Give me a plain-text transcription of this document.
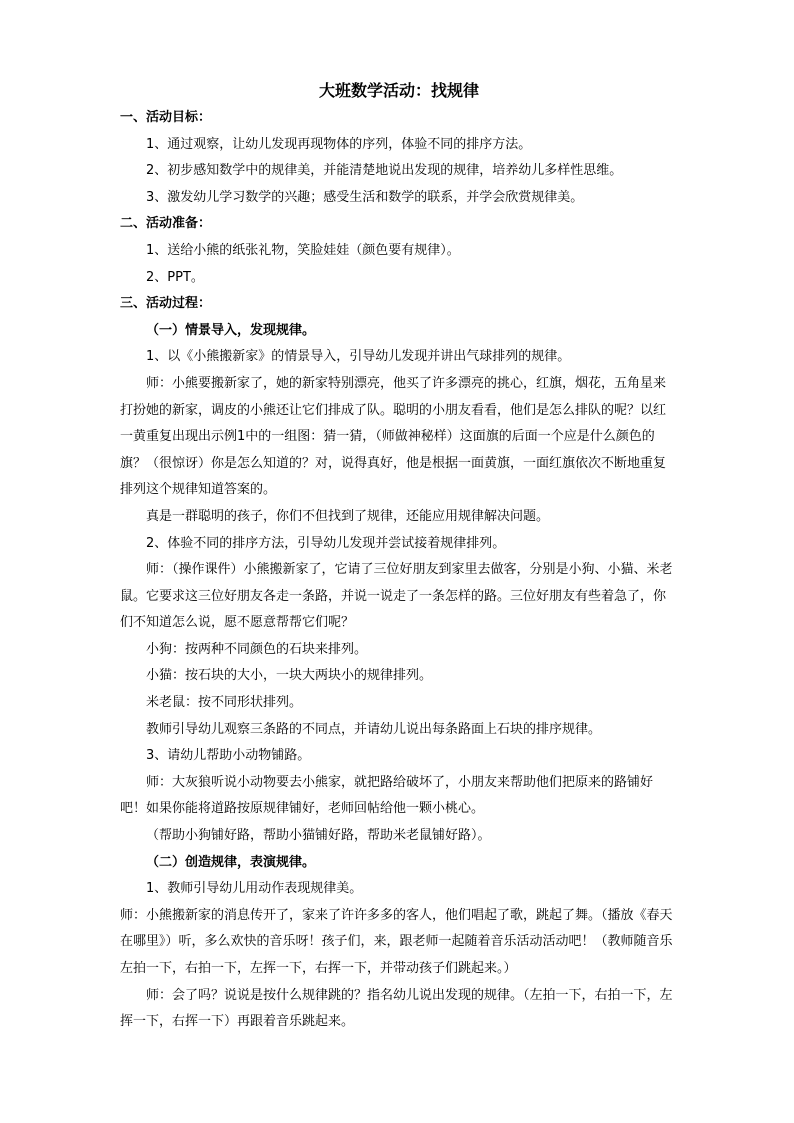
大班数学活动：找规律

一、活动目标：

1、通过观察，让幼儿发现再现物体的序列，体验不同的排序方法。

2、初步感知数学中的规律美，并能清楚地说出发现的规律，培养幼儿多样性思维。

3、激发幼儿学习数学的兴趣；感受生活和数学的联系，并学会欣赏规律美。

二、活动准备：

1、送给小熊的纸张礼物，笑脸娃娃（颜色要有规律）。

2、PPT。

三、活动过程：

（一）情景导入，发现规律。

1、以《小熊搬新家》的情景导入，引导幼儿发现并讲出气球排列的规律。

师：小熊要搬新家了，她的新家特别漂亮，他买了许多漂亮的挑心，红旗，烟花，五角星来打扮她的新家，调皮的小熊还让它们排成了队。聪明的小朋友看看，他们是怎么排队的呢？以红一黄重复出现出示例1中的一组图：猜一猜，（师做神秘样）这面旗的后面一个应是什么颜色的旗？（很惊讶）你是怎么知道的？对，说得真好，他是根据一面黄旗，一面红旗依次不断地重复排列这个规律知道答案的。

真是一群聪明的孩子，你们不但找到了规律，还能应用规律解决问题。

2、体验不同的排序方法，引导幼儿发现并尝试接着规律排列。

师：（操作课件）小熊搬新家了，它请了三位好朋友到家里去做客，分别是小狗、小猫、米老鼠。它要求这三位好朋友各走一条路，并说一说走了一条怎样的路。三位好朋友有些着急了，你们不知道怎么说，愿不愿意帮帮它们呢？

小狗：按两种不同颜色的石块来排列。

小猫：按石块的大小，一块大两块小的规律排列。

米老鼠：按不同形状排列。

教师引导幼儿观察三条路的不同点，并请幼儿说出每条路面上石块的排序规律。

3、请幼儿帮助小动物铺路。

师：大灰狼听说小动物要去小熊家，就把路给破坏了，小朋友来帮助他们把原来的路铺好吧！如果你能将道路按原规律铺好，老师回帖给他一颗小桃心。

（帮助小狗铺好路，帮助小猫铺好路，帮助米老鼠铺好路）。

（二）创造规律，表演规律。

1、教师引导幼儿用动作表现规律美。

师：小熊搬新家的消息传开了，家来了许许多多的客人，他们唱起了歌，跳起了舞。（播放《春天在哪里》）听，多么欢快的音乐呀！孩子们，来，跟老师一起随着音乐活动活动吧！（教师随音乐左拍一下，右拍一下，左挥一下，右挥一下，并带动孩子们跳起来。）

师：会了吗？说说是按什么规律跳的？指名幼儿说出发现的规律。（左拍一下，右拍一下，左挥一下，右挥一下）再跟着音乐跳起来。
